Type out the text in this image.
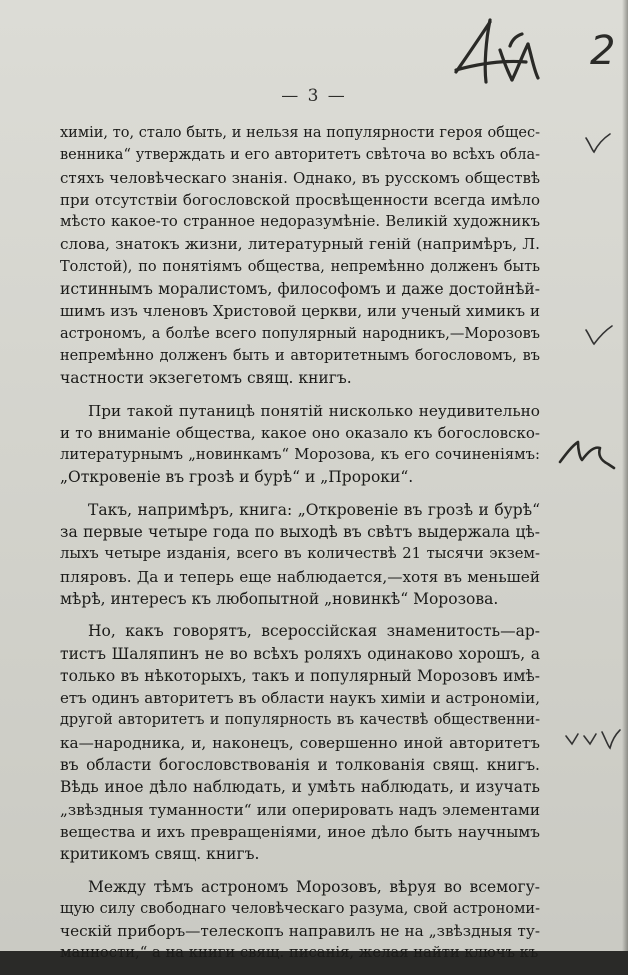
2
— 3 —
химіи, то, стало быть, и нельзя на популярности героя общес-
венника“ утверждать и его авторитетъ свѣточа во всѣхъ обла-
стяхъ человѣческаго знанія. Однако, въ русскомъ обществѣ
при отсутствіи богословской просвѣщенности всегда имѣло
мѣсто какое-то странное недоразумѣніе. Великій художникъ
слова, знатокъ жизни, литературный геній (напримѣръ, Л.
Толстой), по понятіямъ общества, непремѣнно долженъ быть
истиннымъ моралистомъ, философомъ и даже достойнѣй-
шимъ изъ членовъ Христовой церкви, или ученый химикъ и
астрономъ, а болѣе всего популярный народникъ,—Морозовъ
непремѣнно долженъ быть и авторитетнымъ богословомъ, въ
частности экзегетомъ свящ. книгъ.
При такой путаницѣ понятій нисколько неудивительно
и то вниманіе общества, какое оно оказало къ богословско-
литературнымъ „новинкамъ“ Морозова, къ его сочиненіямъ:
„Откровеніе въ грозѣ и бурѣ“ и „Пророки“.
Такъ, напримѣръ, книга: „Откровеніе въ грозѣ и бурѣ“
за первые четыре года по выходѣ въ свѣтъ выдержала цѣ-
лыхъ четыре изданія, всего въ количествѣ 21 тысячи экзем-
пляровъ. Да и теперь еще наблюдается,—хотя въ меньшей
мѣрѣ, интересъ къ любопытной „новинкѣ“ Морозова.
Но, какъ говорятъ, всероссійская знаменитость—ар-
тистъ Шаляпинъ не во всѣхъ роляхъ одинаково хорошъ, а
только въ нѣкоторыхъ, такъ и популярный Морозовъ имѣ-
етъ одинъ авторитетъ въ области наукъ химіи и астрономіи,
другой авторитетъ и популярность въ качествѣ общественни-
ка—народника, и, наконецъ, совершенно иной авторитетъ
въ области богословствованія и толкованія свящ. книгъ.
Вѣдь иное дѣло наблюдать, и умѣть наблюдать, и изучать
„звѣздныя туманности“ или оперировать надъ элементами
вещества и ихъ превращеніями, иное дѣло быть научнымъ
критикомъ свящ. книгъ.
Между тѣмъ астрономъ Морозовъ, вѣруя во всемогу-
щую силу свободнаго человѣческаго разума, свой астрономи-
ческій приборъ—телескопъ направилъ не на „звѣздныя ту-
манности,“ а на книги свящ. писанія, желая найти ключъ къ
